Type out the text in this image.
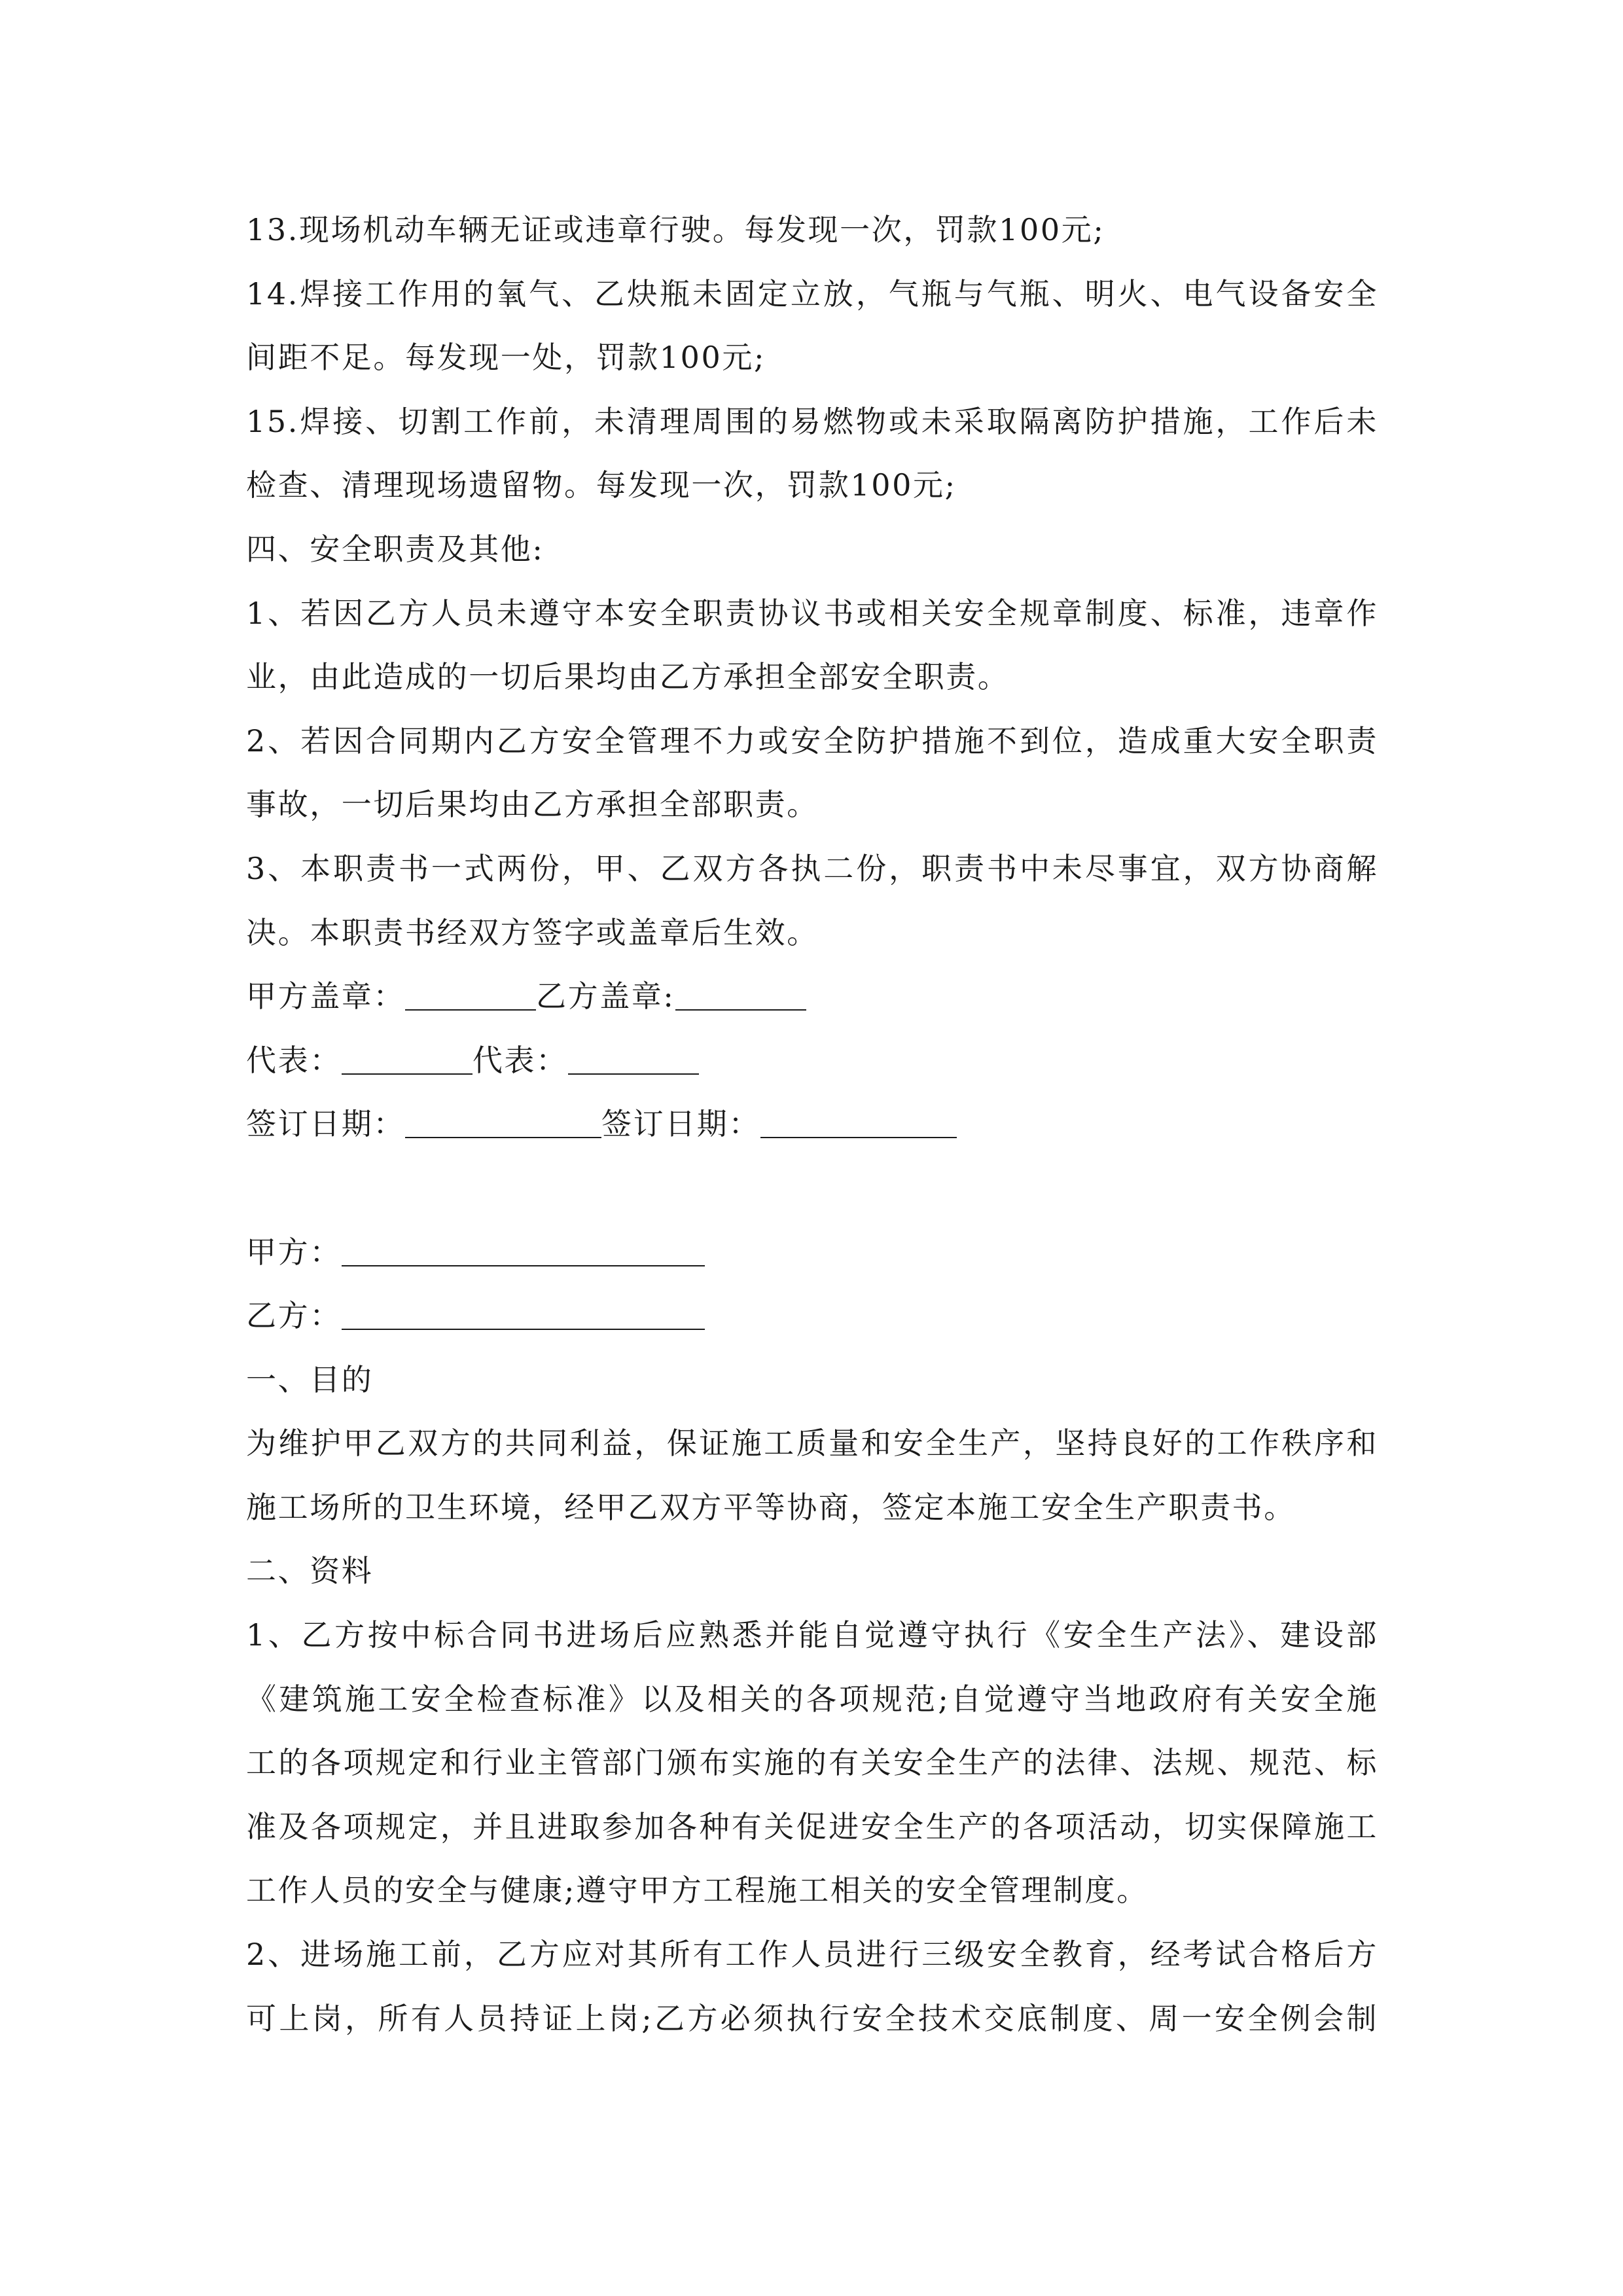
13.现场机动车辆无证或违章行驶。每发现一次，罚款100元;
14.焊接工作用的氧气、乙炔瓶未固定立放，气瓶与气瓶、明火、电气设备安全
间距不足。每发现一处，罚款100元;
15.焊接、切割工作前，未清理周围的易燃物或未采取隔离防护措施，工作后未
检查、清理现场遗留物。每发现一次，罚款100元;
四、安全职责及其他:
1、若因乙方人员未遵守本安全职责协议书或相关安全规章制度、标准，违章作
业，由此造成的一切后果均由乙方承担全部安全职责。
2、若因合同期内乙方安全管理不力或安全防护措施不到位，造成重大安全职责
事故，一切后果均由乙方承担全部职责。
3、本职责书一式两份，甲、乙双方各执二份，职责书中未尽事宜，双方协商解
决。本职责书经双方签字或盖章后生效。
甲方盖章：	乙方盖章:
代表：	代表：
签订日期：	签订日期：
甲方：
乙方：
一、目的
为维护甲乙双方的共同利益，保证施工质量和安全生产，坚持良好的工作秩序和
施工场所的卫生环境，经甲乙双方平等协商，签定本施工安全生产职责书。
二、资料
1、乙方按中标合同书进场后应熟悉并能自觉遵守执行《安全生产法》、建设部
《建筑施工安全检查标准》以及相关的各项规范;自觉遵守当地政府有关安全施
工的各项规定和行业主管部门颁布实施的有关安全生产的法律、法规、规范、标
准及各项规定，并且进取参加各种有关促进安全生产的各项活动，切实保障施工
工作人员的安全与健康;遵守甲方工程施工相关的安全管理制度。
2、进场施工前，乙方应对其所有工作人员进行三级安全教育，经考试合格后方
可上岗，所有人员持证上岗;乙方必须执行安全技术交底制度、周一安全例会制
